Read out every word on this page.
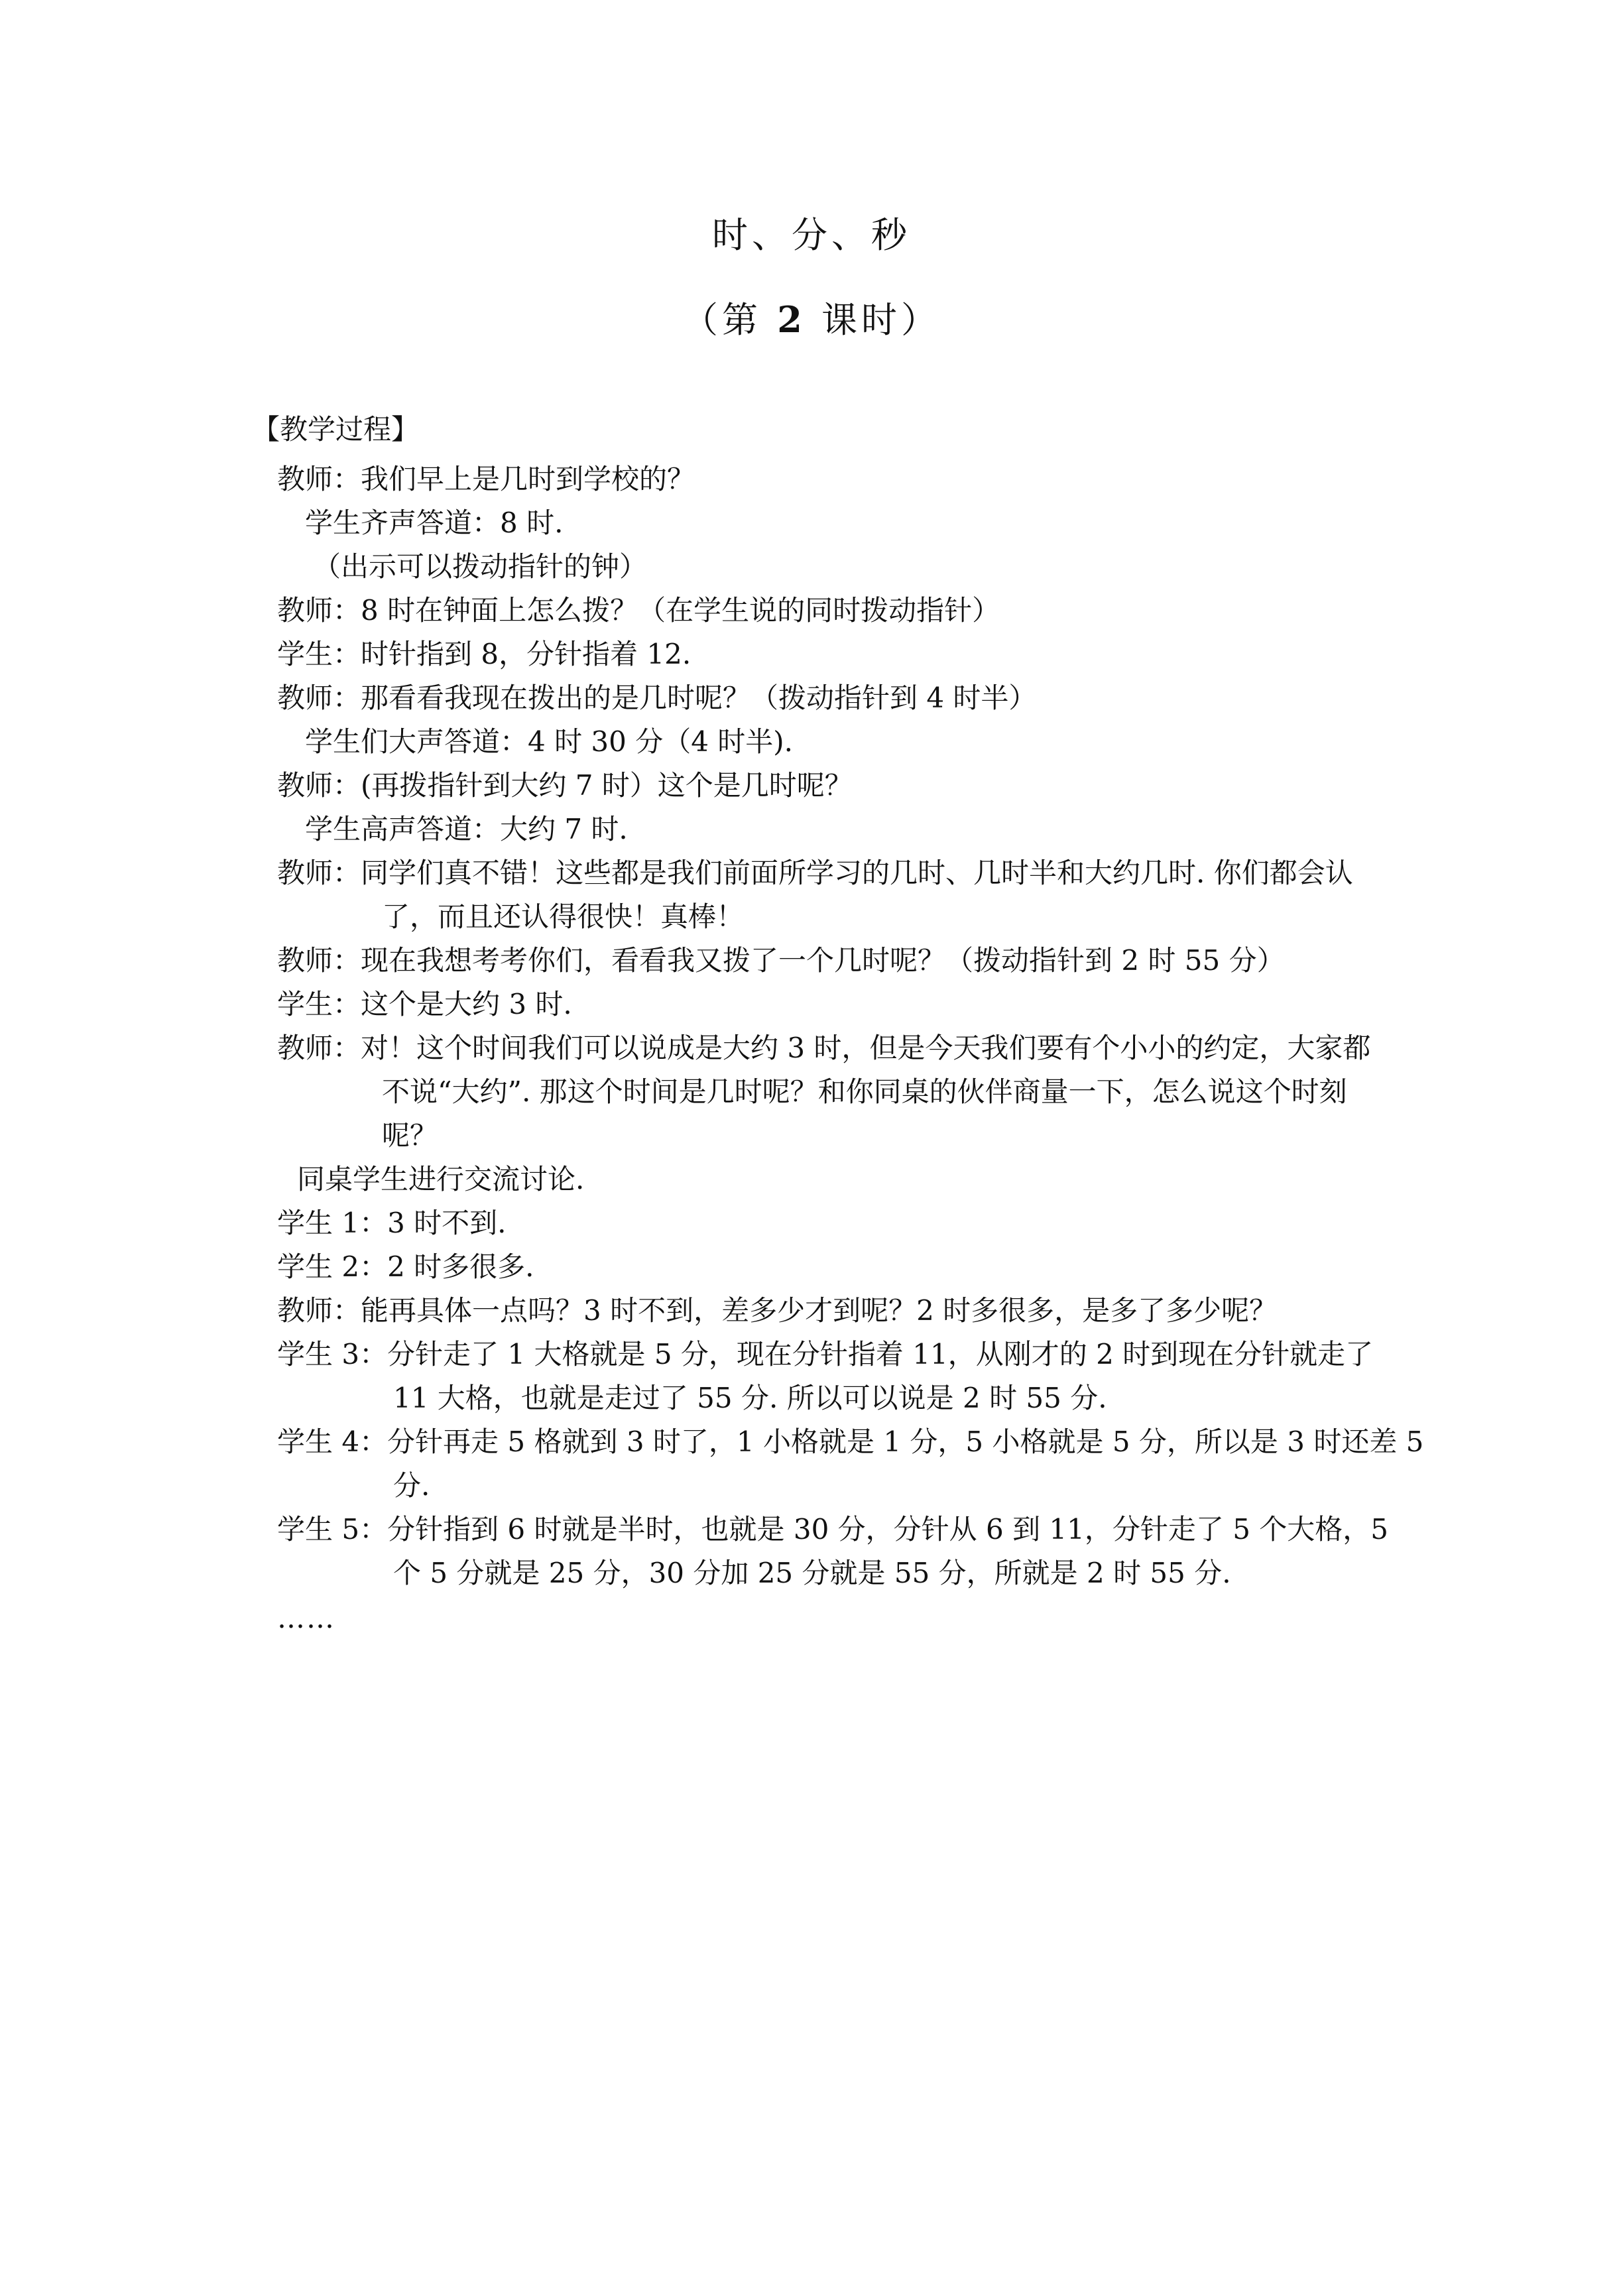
时、分、秒
（第 2 课时）
【教学过程】
教师：我们早上是几时到学校的？
学生齐声答道：8 时.
（出示可以拨动指针的钟）
教师：8 时在钟面上怎么拨？（在学生说的同时拨动指针）
学生：时针指到 8，分针指着 12.
教师：那看看我现在拨出的是几时呢？（拨动指针到 4 时半）
学生们大声答道：4 时 30 分（4 时半).
教师：(再拨指针到大约 7 时）这个是几时呢？
学生高声答道：大约 7 时.
教师：同学们真不错！这些都是我们前面所学习的几时、几时半和大约几时. 你们都会认
了，而且还认得很快！真棒！
教师：现在我想考考你们，看看我又拨了一个几时呢？（拨动指针到 2 时 55 分）
学生：这个是大约 3 时.
教师：对！这个时间我们可以说成是大约 3 时，但是今天我们要有个小小的约定，大家都
不说“大约”. 那这个时间是几时呢？和你同桌的伙伴商量一下，怎么说这个时刻
呢？
同桌学生进行交流讨论.
学生 1：3 时不到.
学生 2：2 时多很多.
教师：能再具体一点吗？3 时不到，差多少才到呢？2 时多很多，是多了多少呢？
学生 3：分针走了 1 大格就是 5 分，现在分针指着 11，从刚才的 2 时到现在分针就走了
11 大格，也就是走过了 55 分. 所以可以说是 2 时 55 分.
学生 4：分针再走 5 格就到 3 时了，1 小格就是 1 分，5 小格就是 5 分，所以是 3 时还差 5
分.
学生 5：分针指到 6 时就是半时，也就是 30 分，分针从 6 到 11，分针走了 5 个大格，5
个 5 分就是 25 分，30 分加 25 分就是 55 分，所就是 2 时 55 分.
……
